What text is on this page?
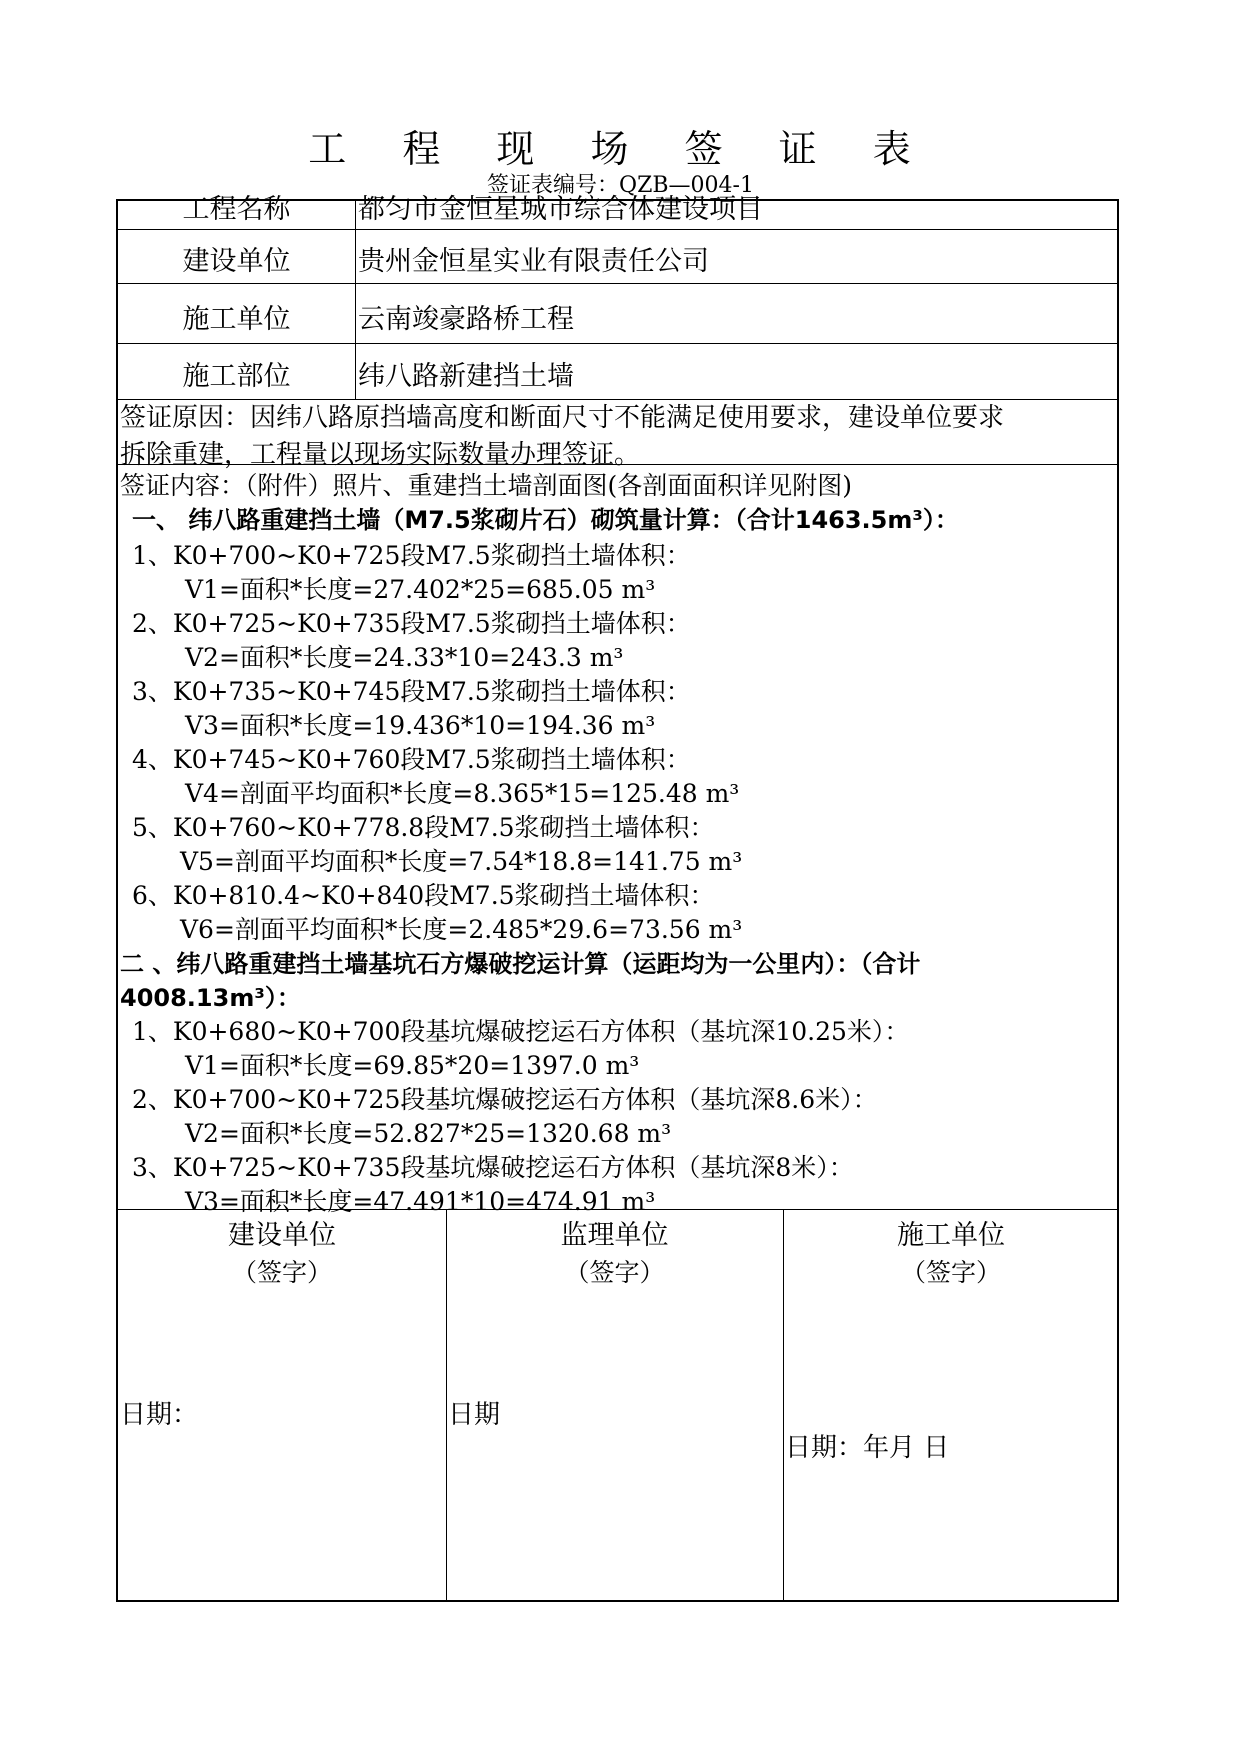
工 程 现 场 签 证 表
签证表编号：QZB—004-1
工程名称	都匀市金恒星城市综合体建设项目
建设单位	贵州金恒星实业有限责任公司
施工单位	云南竣豪路桥工程
施工部位	纬八路新建挡土墙
签证原因：因纬八路原挡墙高度和断面尺寸不能满足使用要求，建设单位要求
拆除重建，工程量以现场实际数量办理签证。
签证内容：（附件）照片、重建挡土墙剖面图(各剖面面积详见附图)
一、 纬八路重建挡土墙（M7.5浆砌片石）砌筑量计算：（合计1463.5m³）：
1、K0+700~K0+725段M7.5浆砌挡土墙体积：
V1=面积*长度=27.402*25=685.05 m³
2、K0+725~K0+735段M7.5浆砌挡土墙体积：
V2=面积*长度=24.33*10=243.3 m³
3、K0+735~K0+745段M7.5浆砌挡土墙体积：
V3=面积*长度=19.436*10=194.36 m³
4、K0+745~K0+760段M7.5浆砌挡土墙体积：
V4=剖面平均面积*长度=8.365*15=125.48 m³
5、K0+760~K0+778.8段M7.5浆砌挡土墙体积：
V5=剖面平均面积*长度=7.54*18.8=141.75 m³
6、K0+810.4~K0+840段M7.5浆砌挡土墙体积：
V6=剖面平均面积*长度=2.485*29.6=73.56 m³
二 、纬八路重建挡土墙基坑石方爆破挖运计算（运距均为一公里内）：（合计
4008.13m³）：
1、K0+680~K0+700段基坑爆破挖运石方体积（基坑深10.25米）：
V1=面积*长度=69.85*20=1397.0 m³
2、K0+700~K0+725段基坑爆破挖运石方体积（基坑深8.6米）：
V2=面积*长度=52.827*25=1320.68 m³
3、K0+725~K0+735段基坑爆破挖运石方体积（基坑深8米）：
V3=面积*长度=47.491*10=474.91 m³
建设单位
（签字）
日期：
监理单位
（签字）
日期
施工单位
（签字）
日期：年月 日
